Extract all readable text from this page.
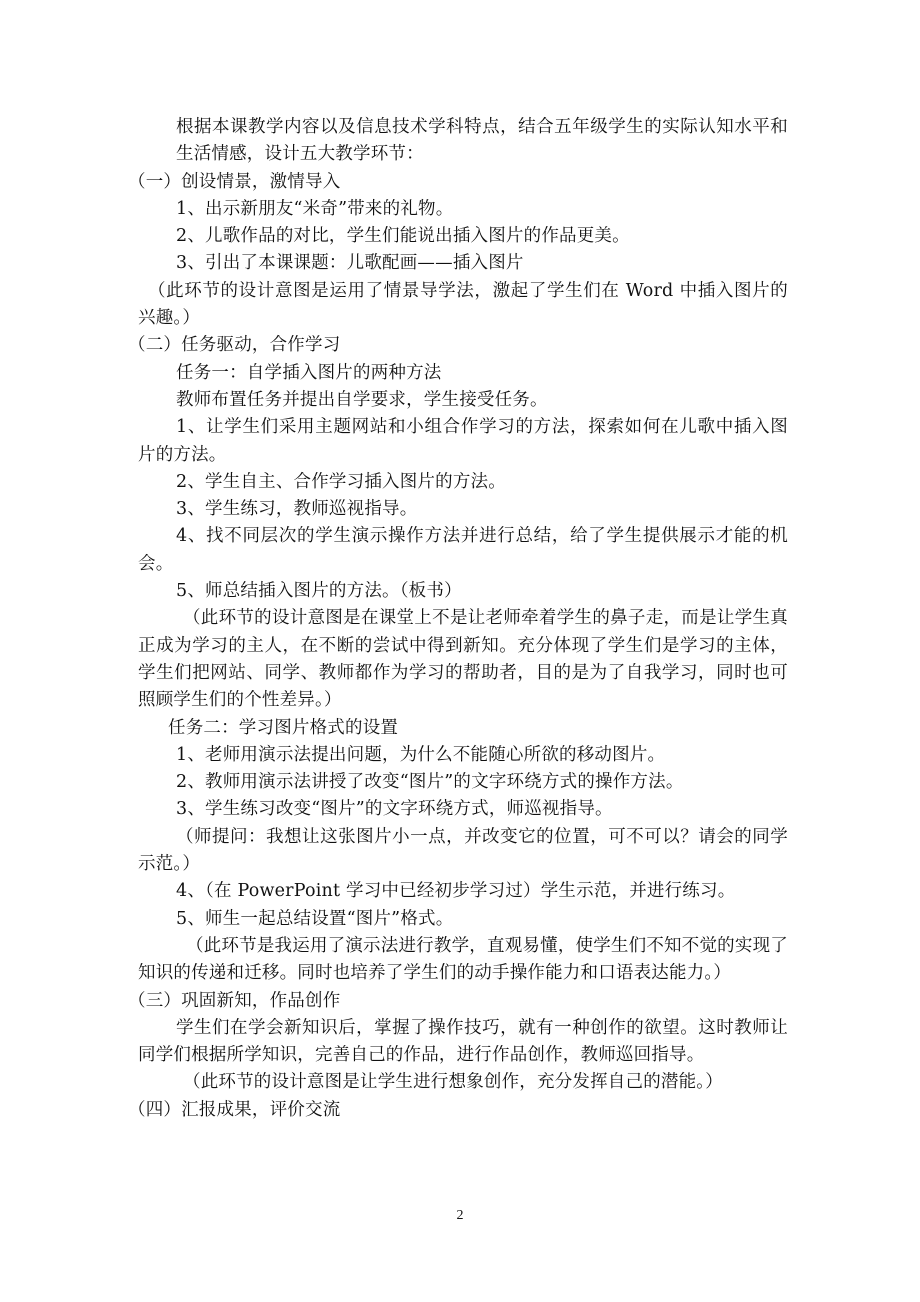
根据本课教学内容以及信息技术学科特点，结合五年级学生的实际认知水平和生活情感，设计五大教学环节：
（一）创设情景，激情导入
1、出示新朋友“米奇”带来的礼物。
2、儿歌作品的对比，学生们能说出插入图片的作品更美。
3、引出了本课课题：儿歌配画——插入图片
（此环节的设计意图是运用了情景导学法，激起了学生们在 Word 中插入图片的兴趣。）
（二）任务驱动，合作学习
任务一：自学插入图片的两种方法
教师布置任务并提出自学要求，学生接受任务。
1、让学生们采用主题网站和小组合作学习的方法，探索如何在儿歌中插入图片的方法。
2、学生自主、合作学习插入图片的方法。
3、学生练习，教师巡视指导。
4、找不同层次的学生演示操作方法并进行总结，给了学生提供展示才能的机会。
5、师总结插入图片的方法。（板书）
（此环节的设计意图是在课堂上不是让老师牵着学生的鼻子走，而是让学生真正成为学习的主人，在不断的尝试中得到新知。充分体现了学生们是学习的主体，学生们把网站、同学、教师都作为学习的帮助者，目的是为了自我学习，同时也可照顾学生们的个性差异。）
任务二：学习图片格式的设置
1、老师用演示法提出问题，为什么不能随心所欲的移动图片。
2、教师用演示法讲授了改变“图片”的文字环绕方式的操作方法。
3、学生练习改变“图片”的文字环绕方式，师巡视指导。
（师提问：我想让这张图片小一点，并改变它的位置，可不可以？请会的同学示范。）
4、（在 PowerPoint 学习中已经初步学习过）学生示范，并进行练习。
5、师生一起总结设置“图片”格式。
（此环节是我运用了演示法进行教学，直观易懂，使学生们不知不觉的实现了知识的传递和迁移。同时也培养了学生们的动手操作能力和口语表达能力。）
（三）巩固新知，作品创作
学生们在学会新知识后，掌握了操作技巧，就有一种创作的欲望。这时教师让同学们根据所学知识，完善自己的作品，进行作品创作，教师巡回指导。
（此环节的设计意图是让学生进行想象创作，充分发挥自己的潜能。）
（四）汇报成果，评价交流
2
